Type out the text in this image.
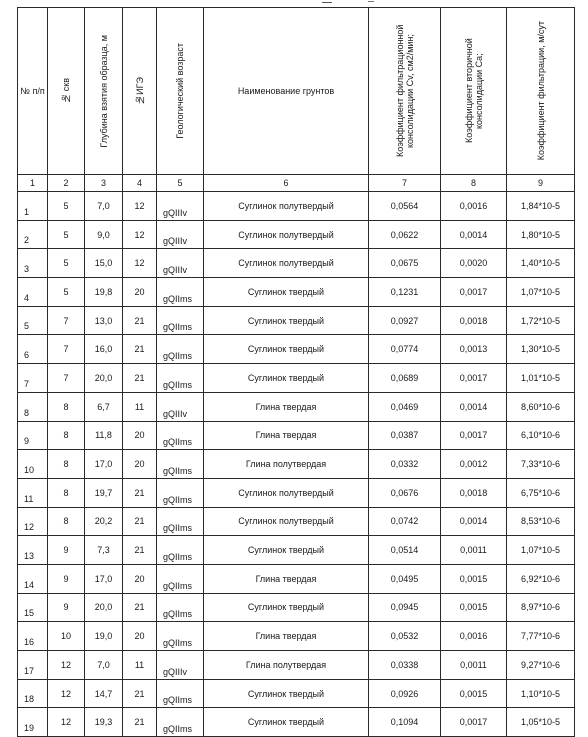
№ п/п	№ скв	Глубина взятия образца, м	№ИГЭ	Геологический возраст	Наименование грунтов	Коэффициент фильтрационной консолидации Cv, см2/мин;	Коэффициент вторичной консолидации Ca;	Коэффициент фильтрации, м/сут

1	2	3	4	5	6	7	8	9
1	5	7,0	12	gQIIIv	Суглинок полутвердый	0,0564	0,0016	1,84*10-5
2	5	9,0	12	gQIIIv	Суглинок полутвердый	0,0622	0,0014	1,80*10-5
3	5	15,0	12	gQIIIv	Суглинок полутвердый	0,0675	0,0020	1,40*10-5
4	5	19,8	20	gQIIms	Суглинок твердый	0,1231	0,0017	1,07*10-5
5	7	13,0	21	gQIIms	Суглинок твердый	0,0927	0,0018	1,72*10-5
6	7	16,0	21	gQIIms	Суглинок твердый	0,0774	0,0013	1,30*10-5
7	7	20,0	21	gQIIms	Суглинок твердый	0,0689	0,0017	1,01*10-5
8	8	6,7	11	gQIIIv	Глина твердая	0,0469	0,0014	8,60*10-6
9	8	11,8	20	gQIIms	Глина твердая	0,0387	0,0017	6,10*10-6
10	8	17,0	20	gQIIms	Глина полутвердая	0,0332	0,0012	7,33*10-6
11	8	19,7	21	gQIIms	Суглинок полутвердый	0,0676	0,0018	6,75*10-6
12	8	20,2	21	gQIIms	Суглинок полутвердый	0,0742	0,0014	8,53*10-6
13	9	7,3	21	gQIIms	Суглинок твердый	0,0514	0,0011	1,07*10-5
14	9	17,0	20	gQIIms	Глина твердая	0,0495	0,0015	6,92*10-6
15	9	20,0	21	gQIIms	Суглинок твердый	0,0945	0,0015	8,97*10-6
16	10	19,0	20	gQIIms	Глина твердая	0,0532	0,0016	7,77*10-6
17	12	7,0	11	gQIIIv	Глина полутвердая	0,0338	0,0011	9,27*10-6
18	12	14,7	21	gQIIms	Суглинок твердый	0,0926	0,0015	1,10*10-5
19	12	19,3	21	gQIIms	Суглинок твердый	0,1094	0,0017	1,05*10-5
